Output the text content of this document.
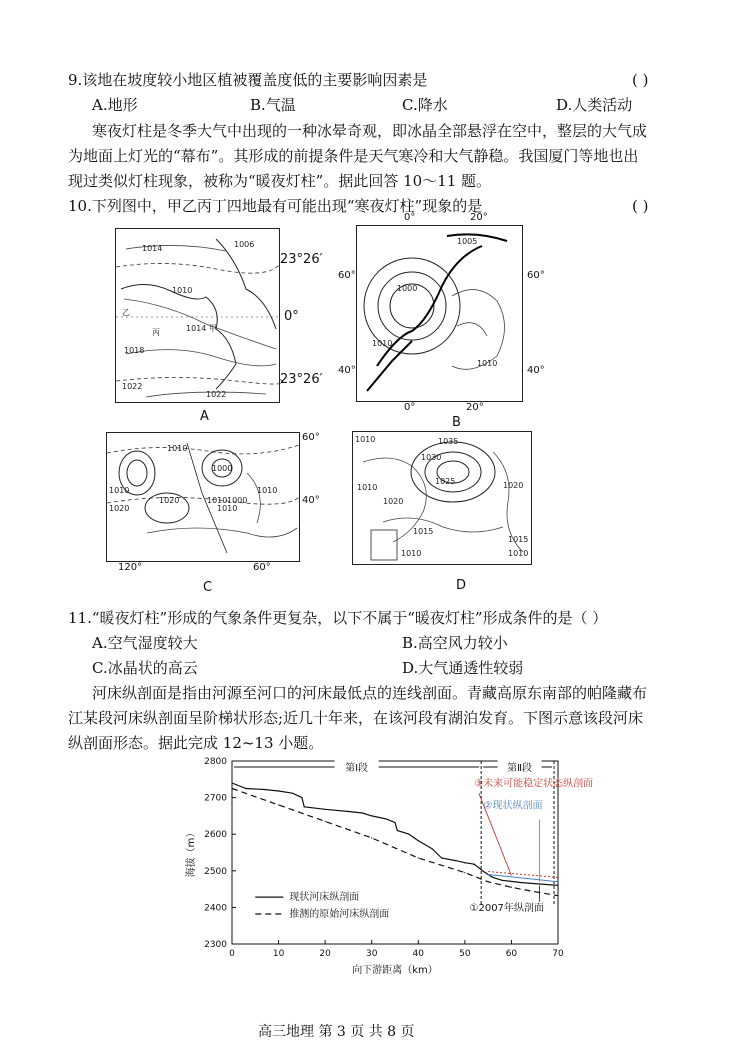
9.该地在坡度较小地区植被覆盖度低的主要影响因素是	( )
A.地形	B.气温	C.降水	D.人类活动
寒夜灯柱是冬季大气中出现的一种冰晕奇观，即冰晶全部悬浮在空中，整层的大气成
为地面上灯光的“幕布”。其形成的前提条件是天气寒冷和大气静稳。我国厦门等地也出
现过类似灯柱现象，被称为“暖夜灯柱”。据此回答 10～11 题。
10.下列图中，甲乙丙丁四地最有可能出现“寒夜灯柱”现象的是	( )
1014	1006
1010
1014 甲
1018
1022
1022
丙
乙
23°26′
0°
23°26′
A
1000
1010
1005
1010
0°	20°
0°	20°
60°	60°
40°	40°
B
1010
1010
1010
1020
1020
1010
1010
1000
1000
60°
40°
120°	60°
C
1010	1035
1030
1025	1020
1015
1010
1020
1010	1010
1015
D
11.“暖夜灯柱”形成的气象条件更复杂，以下不属于“暖夜灯柱”形成条件的是（ ）
A.空气湿度较大	B.高空风力较小
C.冰晶状的高云	D.大气通透性较弱
河床纵剖面是指由河源至河口的河床最低点的连线剖面。青藏高原东南部的帕隆藏布
江某段河床纵剖面呈阶梯状形态;近几十年来，在该河段有湖泊发育。下图示意该段河床
纵剖面形态。据此完成 12~13 小题。
2300
2400
2500
2600
2700
2800
0	10	20	30	40	50	60	70
向下游距离（km）
海拔（m）
第Ⅰ段	第Ⅱ段
③未来可能稳定状态纵剖面
②现状纵剖面
①2007年纵剖面
现状河床纵剖面
推测的原始河床纵剖面
高三地理 第 3 页 共 8 页
